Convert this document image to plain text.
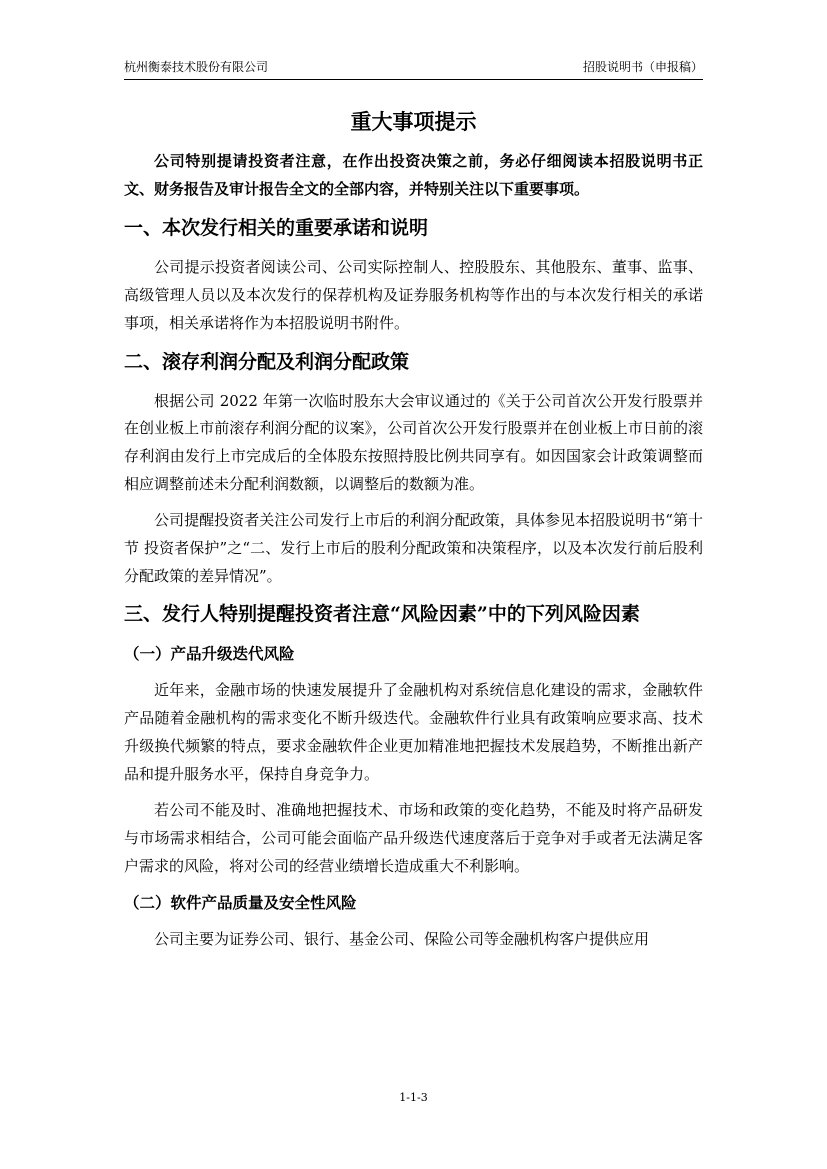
杭州衡泰技术股份有限公司	招股说明书（申报稿）
重大事项提示

公司特别提请投资者注意，在作出投资决策之前，务必仔细阅读本招股说明书正文、财务报告及审计报告全文的全部内容，并特别关注以下重要事项。

一、本次发行相关的重要承诺和说明

公司提示投资者阅读公司、公司实际控制人、控股股东、其他股东、董事、监事、高级管理人员以及本次发行的保荐机构及证券服务机构等作出的与本次发行相关的承诺事项，相关承诺将作为本招股说明书附件。

二、滚存利润分配及利润分配政策

根据公司 2022 年第一次临时股东大会审议通过的《关于公司首次公开发行股票并在创业板上市前滚存利润分配的议案》，公司首次公开发行股票并在创业板上市日前的滚存利润由发行上市完成后的全体股东按照持股比例共同享有。如因国家会计政策调整而相应调整前述未分配利润数额，以调整后的数额为准。

公司提醒投资者关注公司发行上市后的利润分配政策，具体参见本招股说明书“第十节 投资者保护”之“二、发行上市后的股利分配政策和决策程序，以及本次发行前后股利分配政策的差异情况”。

三、发行人特别提醒投资者注意“风险因素”中的下列风险因素
（一）产品升级迭代风险

近年来，金融市场的快速发展提升了金融机构对系统信息化建设的需求，金融软件产品随着金融机构的需求变化不断升级迭代。金融软件行业具有政策响应要求高、技术升级换代频繁的特点，要求金融软件企业更加精准地把握技术发展趋势，不断推出新产品和提升服务水平，保持自身竞争力。

若公司不能及时、准确地把握技术、市场和政策的变化趋势，不能及时将产品研发与市场需求相结合，公司可能会面临产品升级迭代速度落后于竞争对手或者无法满足客户需求的风险，将对公司的经营业绩增长造成重大不利影响。

（二）软件产品质量及安全性风险

公司主要为证券公司、银行、基金公司、保险公司等金融机构客户提供应用

1-1-3
